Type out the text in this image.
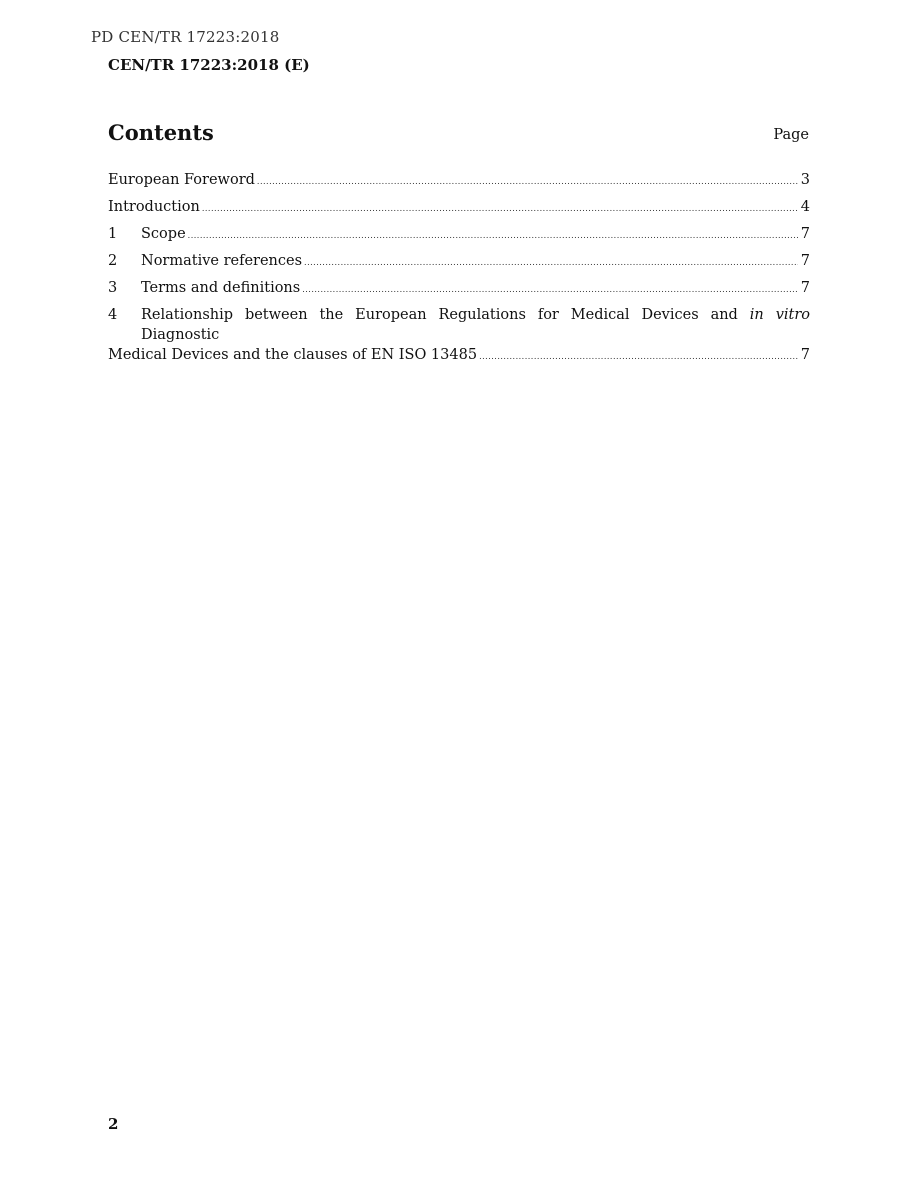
PD CEN/TR 17223:2018
CEN/TR 17223:2018 (E)
Contents	Page
European Foreword .....	3
Introduction .....	4
1	Scope .....	7
2	Normative references .....	7
3	Terms and definitions .....	7
4	Relationship between the European Regulations for Medical Devices and in vitro Diagnostic
Medical Devices and the clauses of EN ISO 13485 .....	7
2
